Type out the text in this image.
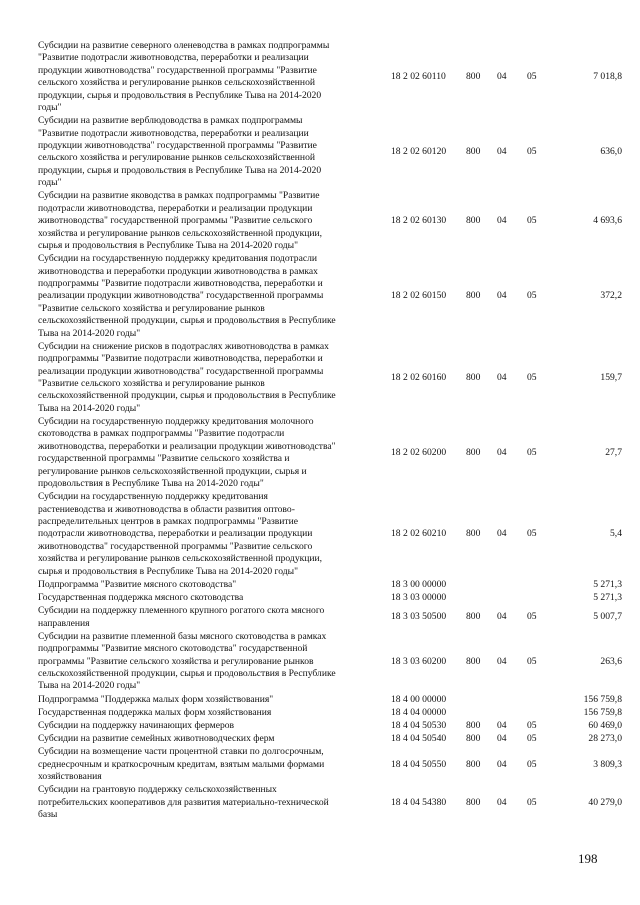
Субсидии на развитие северного оленеводства в рамках подпрограммы
"Развитие подотрасли животноводства, переработки и реализации
продукции животноводства" государственной программы "Развитие
сельского хозяйства и регулирование рынков сельскохозяйственной
продукции, сырья и продовольствия в Республике Тыва на 2014-2020
годы"
18 2 02 60110 800 04 05	7 018,8
Субсидии на развитие верблюдоводства в рамках подпрограммы
"Развитие подотрасли животноводства, переработки и реализации
продукции животноводства" государственной программы "Развитие
сельского хозяйства и регулирование рынков сельскохозяйственной
продукции, сырья и продовольствия в Республике Тыва на 2014-2020
годы"
18 2 02 60120 800 04 05	636,0
Субсидии на развитие яководства в рамках подпрограммы "Развитие
подотрасли животноводства, переработки и реализации продукции
животноводства" государственной программы "Развитие сельского
хозяйства и регулирование рынков сельскохозяйственной продукции,
сырья и продовольствия в Республике Тыва на 2014-2020 годы"
18 2 02 60130 800 04 05	4 693,6
Субсидии на государственную поддержку кредитования подотрасли
животноводства и переработки продукции животноводства в рамках
подпрограммы "Развитие подотрасли животноводства, переработки и
реализации продукции животноводства" государственной программы
"Развитие сельского хозяйства и регулирование рынков
сельскохозяйственной продукции, сырья и продовольствия в Республике
Тыва на 2014-2020 годы"
18 2 02 60150 800 04 05	372,2
Субсидии на снижение рисков в подотраслях животноводства в рамках
подпрограммы "Развитие подотрасли животноводства, переработки и
реализации продукции животноводства" государственной программы
"Развитие сельского хозяйства и регулирование рынков
сельскохозяйственной продукции, сырья и продовольствия в Республике
Тыва на 2014-2020 годы"
18 2 02 60160 800 04 05	159,7
Субсидии на государственную поддержку кредитования молочного
скотоводства в рамках подпрограммы "Развитие подотрасли
животноводства, переработки и реализации продукции животноводства"
государственной программы "Развитие сельского хозяйства и
регулирование рынков сельскохозяйственной продукции, сырья и
продовольствия в Республике Тыва на 2014-2020 годы"
18 2 02 60200 800 04 05	27,7
Субсидии на государственную поддержку кредитования
растениеводства и животноводства в области развития оптово-
распределительных центров в рамках подпрограммы "Развитие
подотрасли животноводства, переработки и реализации продукции
животноводства" государственной программы "Развитие сельского
хозяйства и регулирование рынков сельскохозяйственной продукции,
сырья и продовольствия в Республике Тыва на 2014-2020 годы"
18 2 02 60210 800 04 05	5,4
Подпрограмма "Развитие мясного скотоводства"	18 3 00 00000	5 271,3
Государственная поддержка мясного скотоводства	18 3 03 00000	5 271,3
Субсидии на поддержку племенного крупного рогатого скота мясного
направления
18 3 03 50500 800 04 05	5 007,7
Субсидии на развитие племенной базы мясного скотоводства в рамках
подпрограммы "Развитие мясного скотоводства" государственной
программы "Развитие сельского хозяйства и регулирование рынков
сельскохозяйственной продукции, сырья и продовольствия в Республике
Тыва на 2014-2020 годы"
18 3 03 60200 800 04 05	263,6
Подпрограмма "Поддержка малых форм хозяйствования"	18 4 00 00000	156 759,8
Государственная поддержка малых форм хозяйствования	18 4 04 00000	156 759,8
Субсидии на поддержку начинающих фермеров	18 4 04 50530 800 04 05	60 469,0
Субсидии на развитие семейных животноводческих ферм	18 4 04 50540 800 04 05	28 273,0
Субсидии на возмещение части процентной ставки по долгосрочным,
среднесрочным и краткосрочным кредитам, взятым малыми формами
хозяйствования
18 4 04 50550 800 04 05	3 809,3
Субсидии на грантовую поддержку сельскохозяйственных
потребительских кооперативов для развития материально-технической
базы
18 4 04 54380 800 04 05	40 279,0
198
